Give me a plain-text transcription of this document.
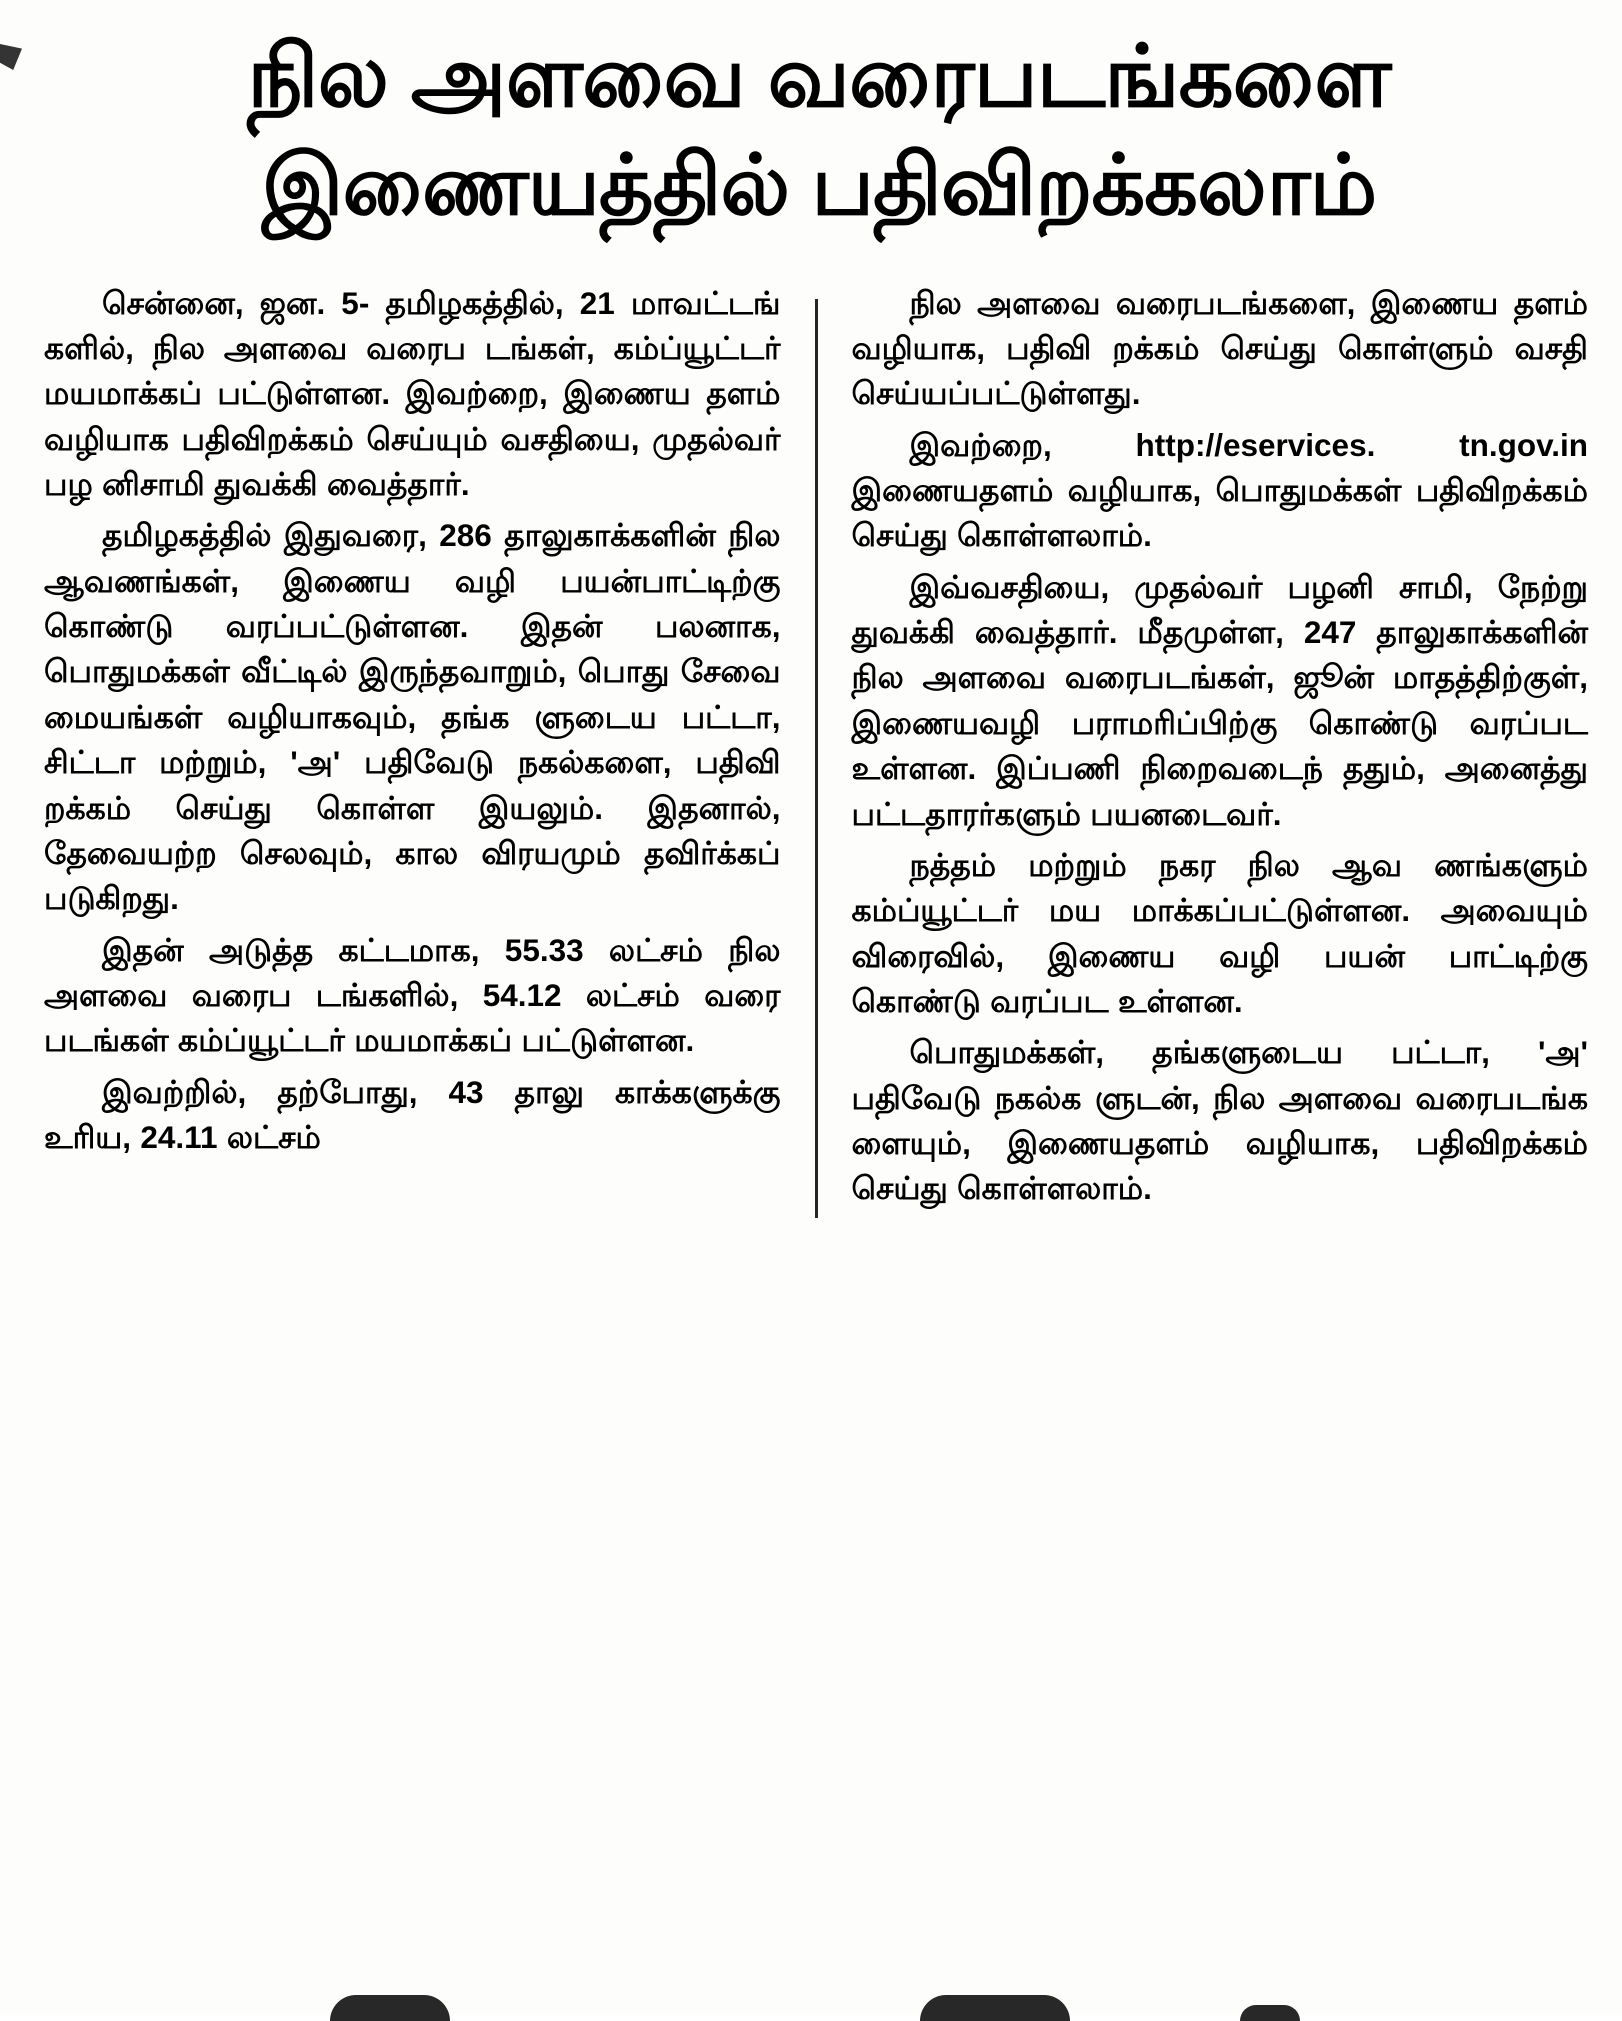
நில அளவை வரைபடங்களை
இணையத்தில் பதிவிறக்கலாம்

சென்னை, ஜன. 5- தமிழகத்தில், 21 மாவட்டங் களில், நில அளவை வரைப டங்கள், கம்ப்யூட்டர் மயமாக்கப் பட்டுள்ளன. இவற்றை, இணைய தளம் வழியாக பதிவிறக்கம் செய்யும் வசதியை, முதல்வர் பழ னிசாமி துவக்கி வைத்தார்.

தமிழகத்தில் இதுவரை, 286 தாலுகாக்களின் நில ஆவணங்கள், இணைய வழி பயன்பாட்டிற்கு கொண்டு வரப்பட்டுள்ளன. இதன் பலனாக, பொதுமக்கள் வீட்டில் இருந்தவாறும், பொது சேவை மையங்கள் வழியாகவும், தங்க ளுடைய பட்டா, சிட்டா மற்றும், 'அ' பதிவேடு நகல்களை, பதிவி றக்கம் செய்து கொள்ள இயலும். இதனால், தேவையற்ற செலவும், கால விரயமும் தவிர்க்கப் படுகிறது.

இதன் அடுத்த கட்டமாக, 55.33 லட்சம் நில அளவை வரைப டங்களில், 54.12 லட்சம் வரை படங்கள் கம்ப்யூட்டர் மயமாக்கப் பட்டுள்ளன.

இவற்றில், தற்போது, 43 தாலு காக்களுக்கு உரிய, 24.11 லட்சம்

நில அளவை வரைபடங்களை, இணைய தளம் வழியாக, பதிவி றக்கம் செய்து கொள்ளும் வசதி செய்யப்பட்டுள்ளது.

இவற்றை, http://eservices. tn.gov.in இணையதளம் வழியாக, பொதுமக்கள் பதிவிறக்கம் செய்து கொள்ளலாம்.

இவ்வசதியை, முதல்வர் பழனி சாமி, நேற்று துவக்கி வைத்தார். மீதமுள்ள, 247 தாலுகாக்களின் நில அளவை வரைபடங்கள், ஜூன் மாதத்திற்குள், இணையவழி பராமரிப்பிற்கு கொண்டு வரப்பட உள்ளன. இப்பணி நிறைவடைந் ததும், அனைத்து பட்டதாரர்களும் பயனடைவர்.

நத்தம் மற்றும் நகர நில ஆவ ணங்களும் கம்ப்யூட்டர் மய மாக்கப்பட்டுள்ளன. அவையும் விரைவில், இணைய வழி பயன் பாட்டிற்கு கொண்டு வரப்பட உள்ளன.

பொதுமக்கள், தங்களுடைய பட்டா, 'அ' பதிவேடு நகல்க ளுடன், நில அளவை வரைபடங்க ளையும், இணையதளம் வழியாக, பதிவிறக்கம் செய்து கொள்ளலாம்.
